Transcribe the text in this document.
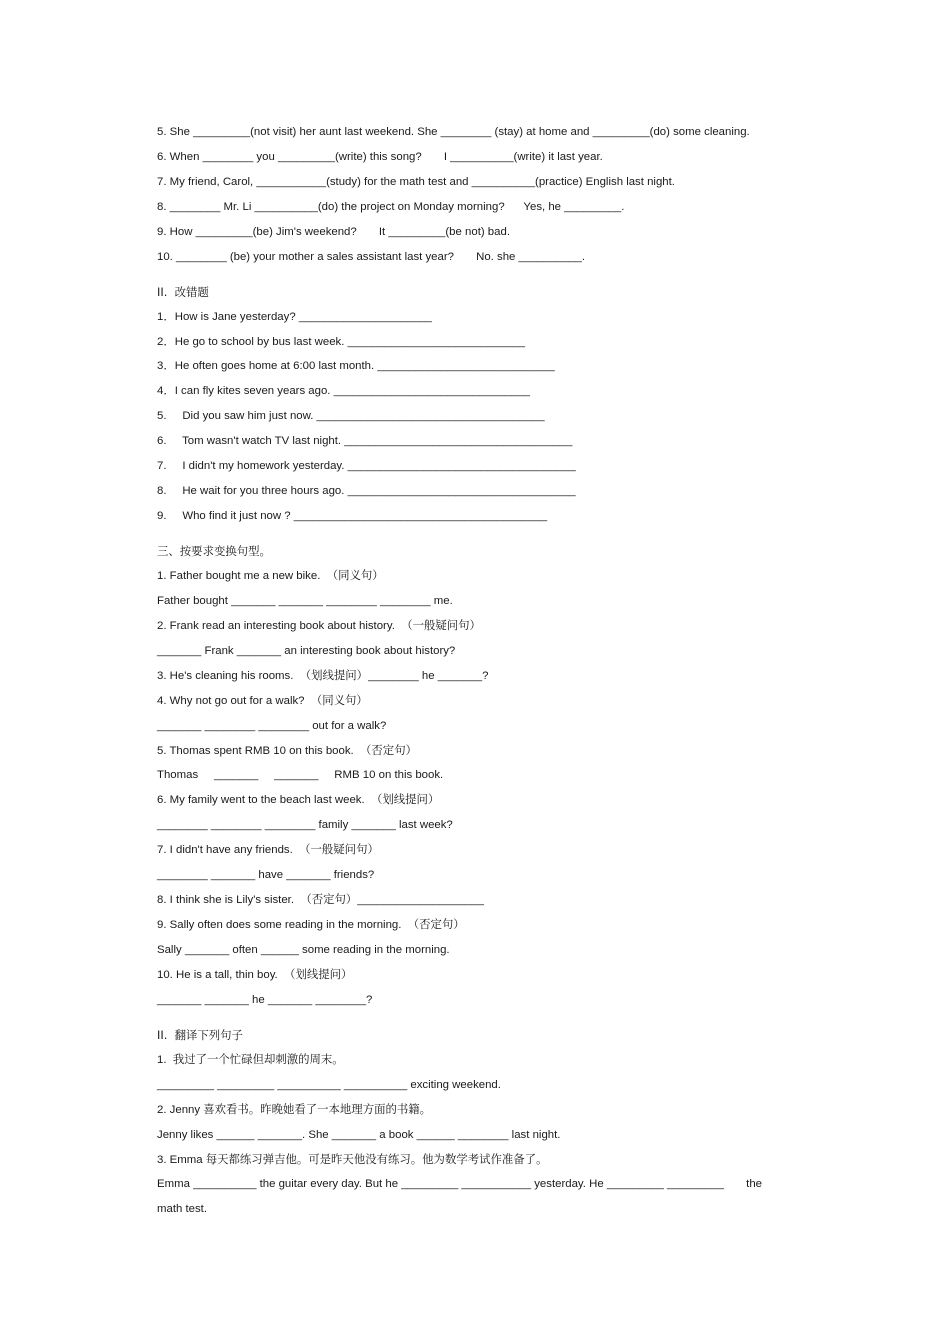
5. She _________(not visit) her aunt last weekend. She ________ (stay) at home and _________(do) some cleaning.
6. When ________ you _________(write) this song?       I __________(write) it last year.
7. My friend, Carol, ___________(study) for the math test and __________(practice) English last night.
8. ________ Mr. Li __________(do) the project on Monday morning?      Yes, he _________.
9. How _________(be) Jim's weekend?       It _________(be not) bad.
10. ________ (be) your mother a sales assistant last year?       No. she __________.
II.  改错题
1．How is Jane yesterday? _____________________
2．He go to school by bus last week. ____________________________
3．He often goes home at 6:00 last month. ____________________________
4．I can fly kites seven years ago. _______________________________
5.     Did you saw him just now. ____________________________________
6.     Tom wasn't watch TV last night. ____________________________________
7.     I didn't my homework yesterday. ____________________________________
8.     He wait for you three hours ago. ____________________________________
9.     Who find it just now ? ________________________________________
三、按要求变换句型。
1. Father bought me a new bike.  （同义句）
Father bought _______ _______ ________ ________ me.
2. Frank read an interesting book about history.  （一般疑问句）
_______ Frank _______ an interesting book about history?
3. He's cleaning his rooms.  （划线提问）________ he _______?
4. Why not go out for a walk?  （同义句）
_______ ________ ________ out for a walk?
5. Thomas spent RMB 10 on this book.  （否定句）
Thomas     _______     _______     RMB 10 on this book.
6. My family went to the beach last week.  （划线提问）
________ ________ ________ family _______ last week?
7. I didn't have any friends.  （一般疑问句）
________ _______ have _______ friends?
8. I think she is Lily's sister.  （否定句）____________________
9. Sally often does some reading in the morning.  （否定句）
Sally _______ often ______ some reading in the morning.
10. He is a tall, thin boy.  （划线提问）
_______ _______ he _______ ________?
II.  翻译下列句子
1.  我过了一个忙碌但却刺激的周末。
_________ _________ __________ __________ exciting weekend.
2. Jenny 喜欢看书。昨晚她看了一本地理方面的书籍。
Jenny likes ______ _______. She _______ a book ______ ________ last night.
3. Emma 每天都练习弹吉他。可是昨天他没有练习。他为数学考试作准备了。
Emma __________ the guitar every day. But he _________ ___________ yesterday. He _________ _________       the
math test.
